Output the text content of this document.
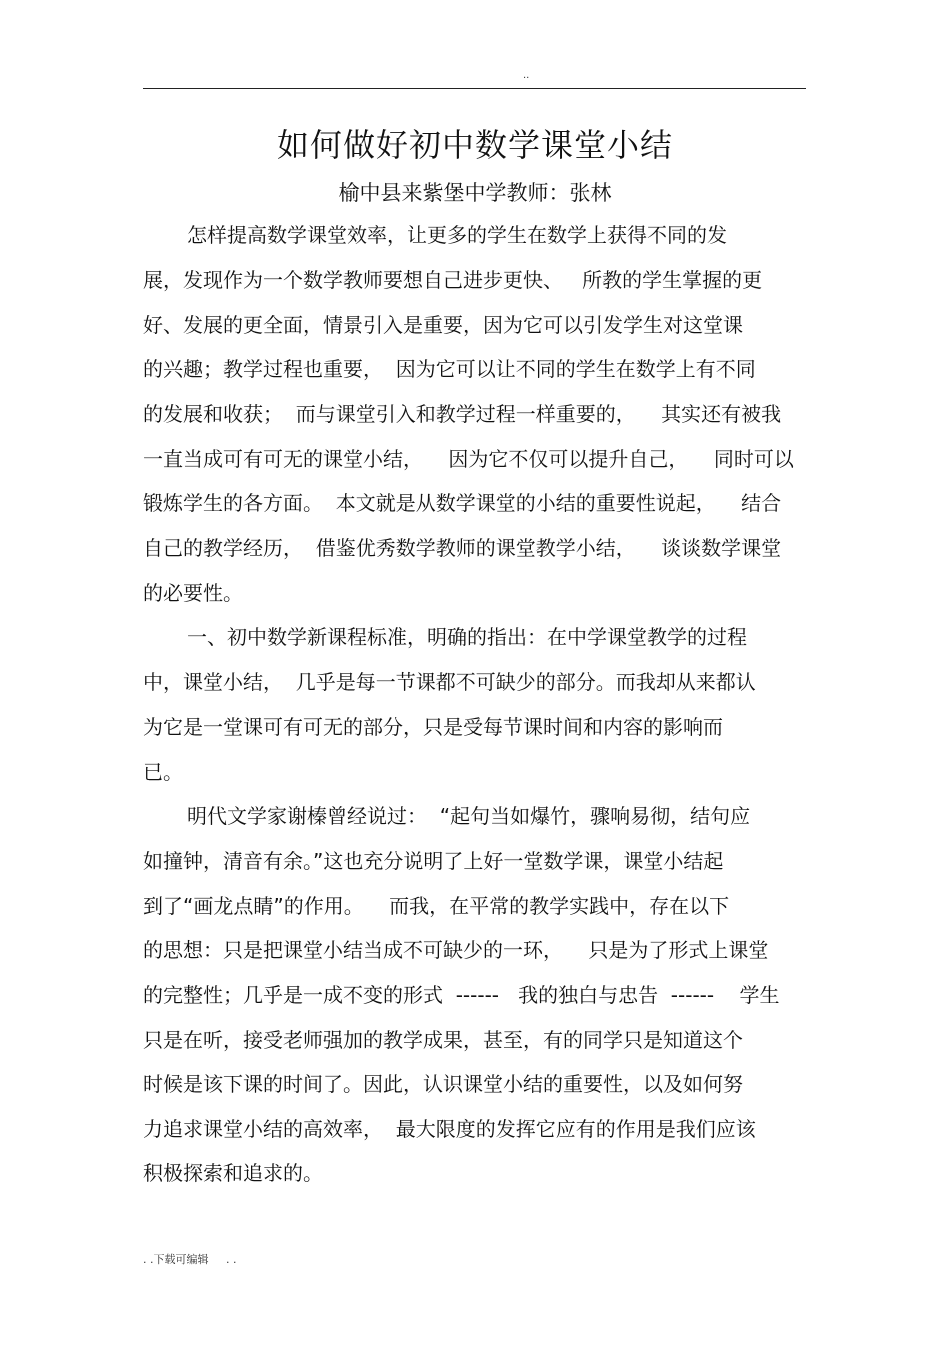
..
如何做好初中数学课堂小结
榆中县来紫堡中学教师：张林
怎样提高数学课堂效率，让更多的学生在数学上获得不同的发
展，发现作为一个数学教师要想自己进步更快、   所教的学生掌握的更
好、发展的更全面，情景引入是重要，因为它可以引发学生对这堂课
的兴趣；教学过程也重要，  因为它可以让不同的学生在数学上有不同
的发展和收获；  而与课堂引入和教学过程一样重要的，    其实还有被我
一直当成可有可无的课堂小结，    因为它不仅可以提升自己，    同时可以
锻炼学生的各方面。  本文就是从数学课堂的小结的重要性说起，    结合
自己的教学经历，  借鉴优秀数学教师的课堂教学小结，    谈谈数学课堂
的必要性。
一、初中数学新课程标准，明确的指出：在中学课堂教学的过程
中，课堂小结，  几乎是每一节课都不可缺少的部分。而我却从来都认
为它是一堂课可有可无的部分，只是受每节课时间和内容的影响而
已。
明代文学家谢榛曾经说过：  “起句当如爆竹，骤响易彻，结句应
如撞钟，清音有余。”这也充分说明了上好一堂数学课，课堂小结起
到了“画龙点睛”的作用。    而我，在平常的教学实践中，存在以下
的思想：只是把课堂小结当成不可缺少的一环，    只是为了形式上课堂
的完整性；几乎是一成不变的形式  ------   我的独白与忠告  ------    学生
只是在听，接受老师强加的教学成果，甚至，有的同学只是知道这个
时候是该下课的时间了。因此，认识课堂小结的重要性，以及如何努
力追求课堂小结的高效率，  最大限度的发挥它应有的作用是我们应该
积极探索和追求的。
. .下载可编辑     . .
